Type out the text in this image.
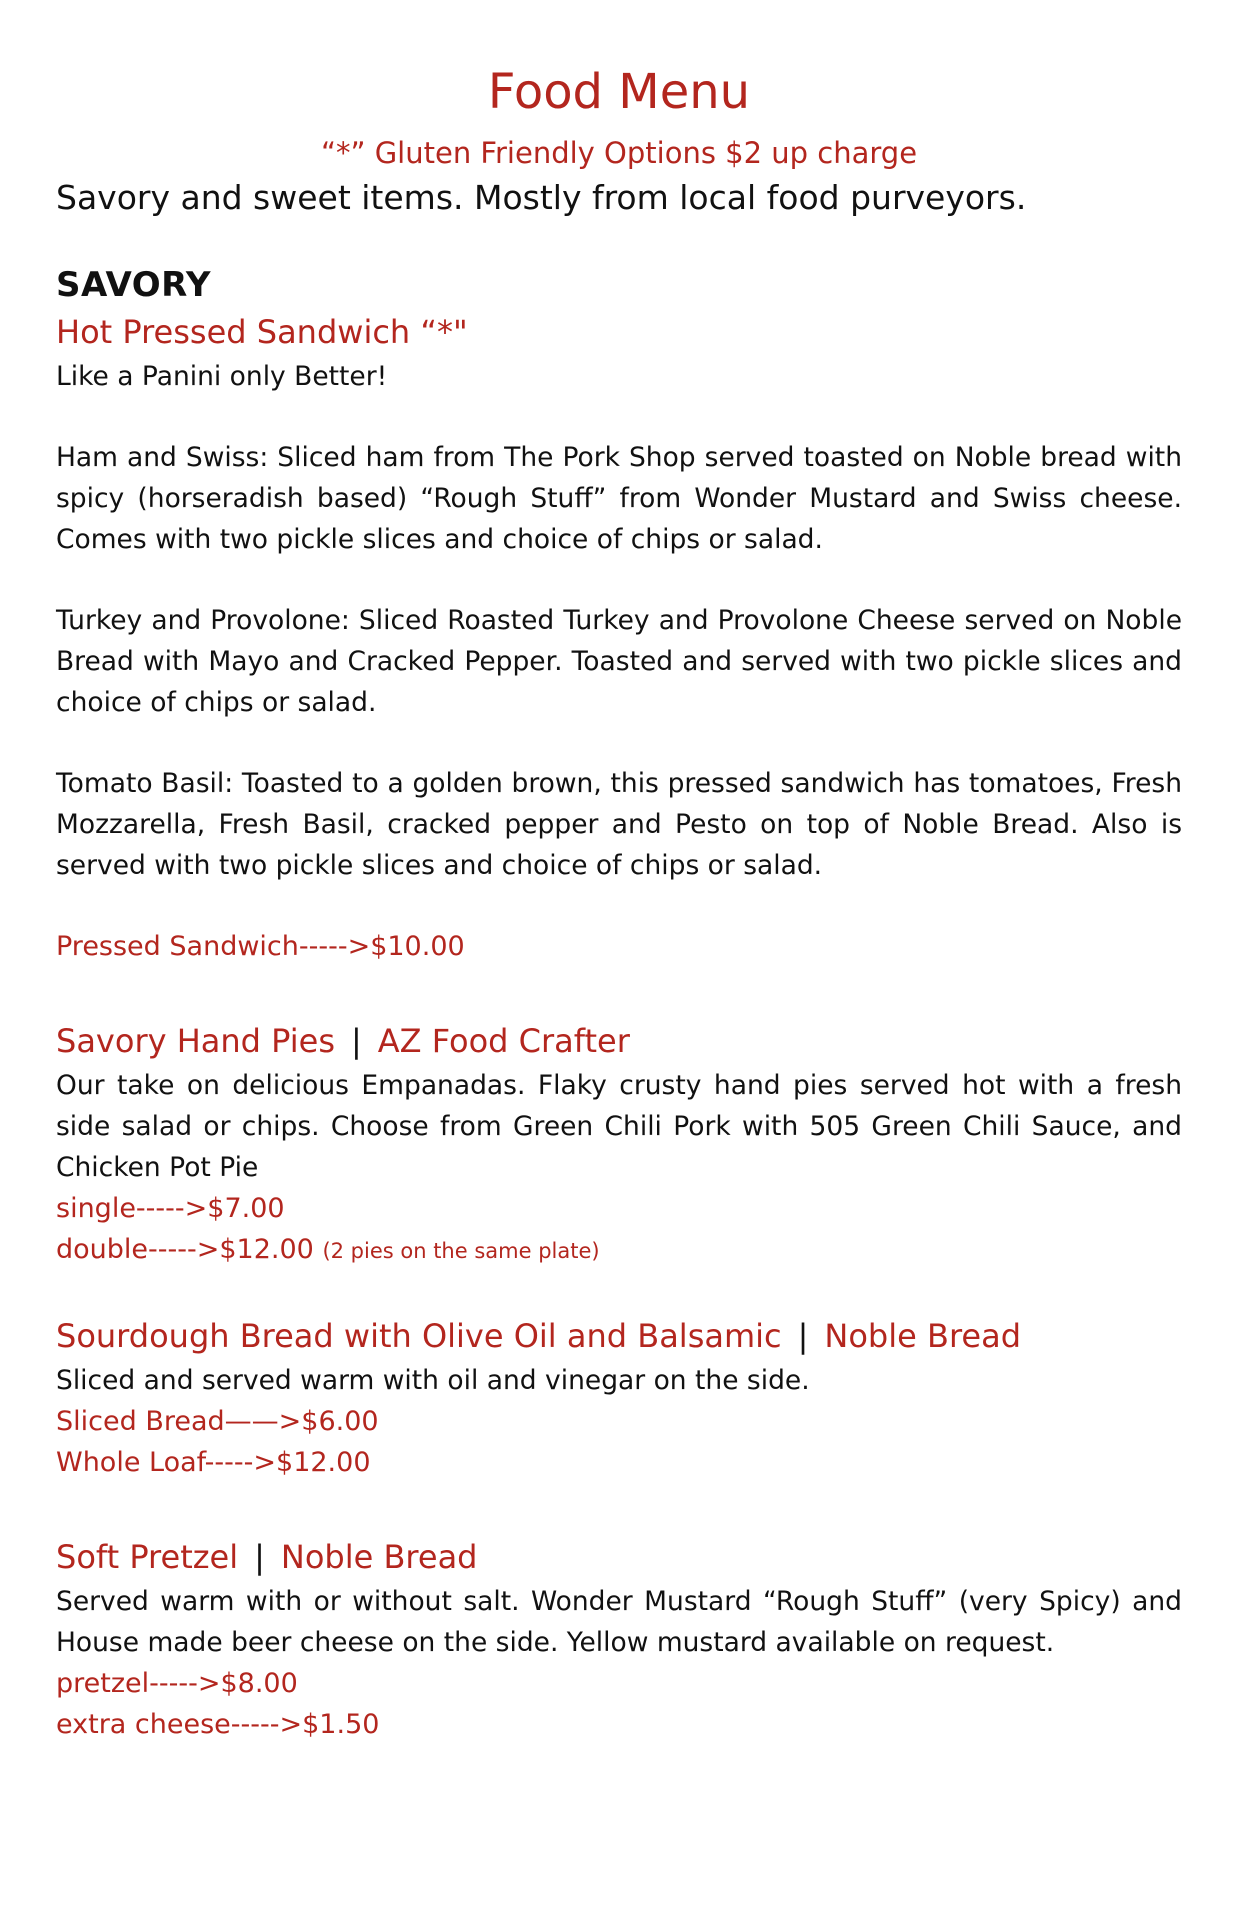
Food Menu

“*” Gluten Friendly Options $2 up charge

Savory and sweet items. Mostly from local food purveyors.

SAVORY
Hot Pressed Sandwich “*"

Like a Panini only Better!

Ham and Swiss: Sliced ham from The Pork Shop served toasted on Noble bread with spicy (horseradish based) “Rough Stuff” from Wonder Mustard and Swiss cheese. Comes with two pickle slices and choice of chips or salad.

Turkey and Provolone: Sliced Roasted Turkey and Provolone Cheese served on Noble Bread with Mayo and Cracked Pepper. Toasted and served with two pickle slices and choice of chips or salad.

Tomato Basil: Toasted to a golden brown, this pressed sandwich has tomatoes, Fresh Mozzarella, Fresh Basil, cracked pepper and Pesto on top of Noble Bread. Also is served with two pickle slices and choice of chips or salad.

Pressed Sandwich----->$10.00

Savory Hand Pies | AZ Food Crafter

Our take on delicious Empanadas. Flaky crusty hand pies served hot with a fresh side salad or chips. Choose from Green Chili Pork with 505 Green Chili Sauce, and Chicken Pot Pie

single----->$7.00

double----->$12.00 (2 pies on the same plate)

Sourdough Bread with Olive Oil and Balsamic | Noble Bread

Sliced and served warm with oil and vinegar on the side.

Sliced Bread——>$6.00

Whole Loaf----->$12.00

Soft Pretzel | Noble Bread

Served warm with or without salt. Wonder Mustard “Rough Stuff” (very Spicy) and House made beer cheese on the side. Yellow mustard available on request.

pretzel----->$8.00

extra cheese----->$1.50
